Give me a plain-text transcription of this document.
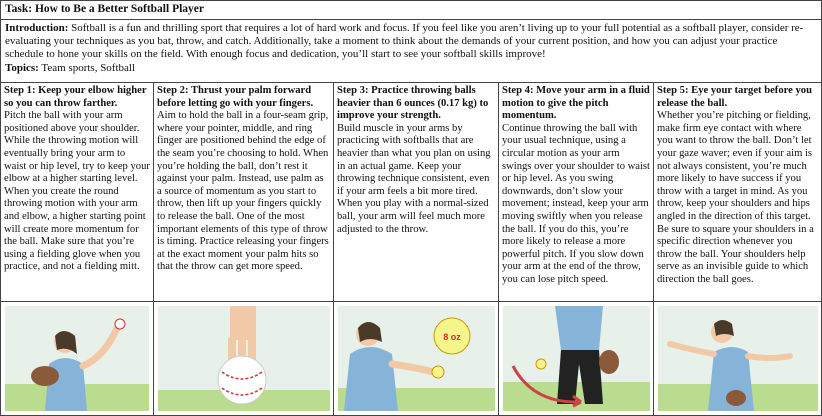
Task: How to Be a Better Softball Player
Introduction: Softball is a fun and thrilling sport that requires a lot of hard work and focus. If you feel like you aren’t living up to your full potential as a softball player, consider re-evaluating your techniques as you bat, throw, and catch. Additionally, take a moment to think about the demands of your current position, and how you can adjust your practice schedule to hone your skills on the field. With enough focus and dedication, you’ll start to see your softball skills improve!
Topics: Team sports, Softball
Step 1: Keep your elbow higher so you can throw farther.
Pitch the ball with your arm positioned above your shoulder. While the throwing motion will eventually bring your arm to waist or hip level, try to keep your elbow at a higher starting level. When you create the round throwing motion with your arm and elbow, a higher starting point will create more momentum for the ball. Make sure that you’re using a fielding glove when you practice, and not a fielding mitt.
Step 2: Thrust your palm forward before letting go with your fingers.
Aim to hold the ball in a four-seam grip, where your pointer, middle, and ring finger are positioned behind the edge of the seam you’re choosing to hold. When you’re holding the ball, don’t rest it against your palm. Instead, use palm as a source of momentum as you start to throw, then lift up your fingers quickly to release the ball. One of the most important elements of this type of throw is timing. Practice releasing your fingers at the exact moment your palm hits so that the throw can get more speed.
Step 3: Practice throwing balls heavier than 6 ounces (0.17 kg) to improve your strength.
Build muscle in your arms by practicing with softballs that are heavier than what you plan on using in an actual game. Keep your throwing technique consistent, even if your arm feels a bit more tired. When you play with a normal-sized ball, your arm will feel much more adjusted to the throw.
Step 4: Move your arm in a fluid motion to give the pitch momentum.
Continue throwing the ball with your usual technique, using a circular motion as your arm swings over your shoulder to waist or hip level. As you swing downwards, don’t slow your movement; instead, keep your arm moving swiftly when you release the ball. If you do this, you’re more likely to release a more powerful pitch. If you slow down your arm at the end of the throw, you can lose pitch speed.
Step 5: Eye your target before you release the ball.
Whether you’re pitching or fielding, make firm eye contact with where you want to throw the ball. Don’t let your gaze waver; even if your aim is not always consistent, you’re much more likely to have success if you throw with a target in mind. As you throw, keep your shoulders and hips angled in the direction of this target. Be sure to square your shoulders in a specific direction whenever you throw the ball. Your shoulders help serve as an invisible guide to which direction the ball goes.
8 oz
